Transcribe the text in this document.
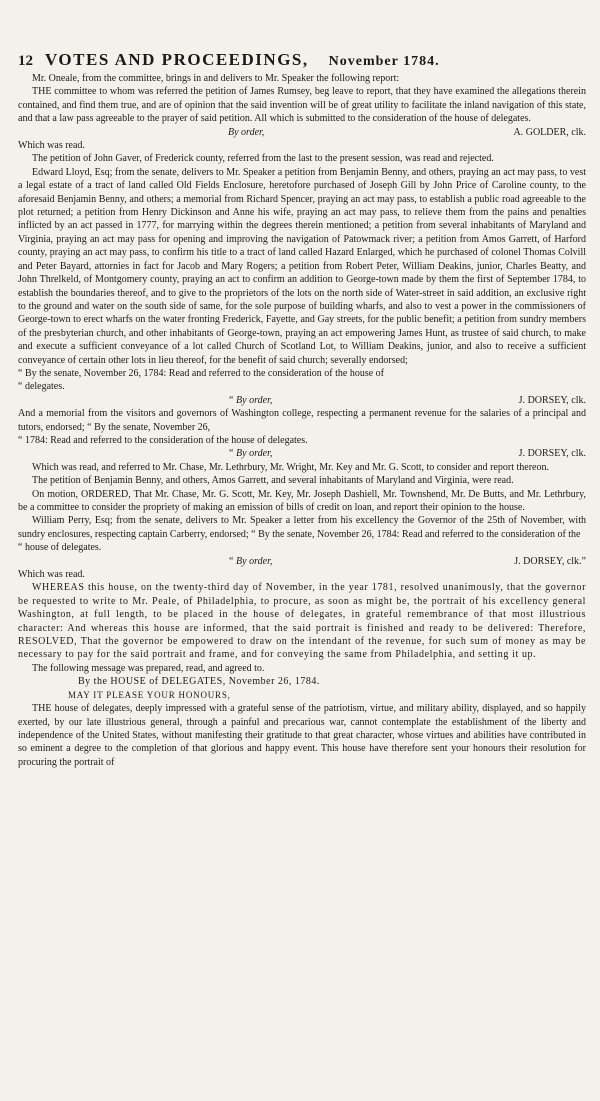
12 VOTES AND PROCEEDINGS, November 1784.

Mr. Oneale, from the committee, brings in and delivers to Mr. Speaker the following report:

THE committee to whom was referred the petition of James Rumsey, beg leave to report, that they have examined the allegations therein contained, and find them true, and are of opinion that the said invention will be of great utility to facilitate the inland navigation of this state, and that a law pass agreeable to the prayer of said petition. All which is submitted to the consideration of the house of delegates.

By order,	A. GOLDER, clk.

Which was read.

The petition of John Gaver, of Frederick county, referred from the last to the present session, was read and rejected.

Edward Lloyd, Esq; from the senate, delivers to Mr. Speaker a petition from Benjamin Benny, and others, praying an act may pass, to vest a legal estate of a tract of land called Old Fields Enclosure, heretofore purchased of Joseph Gill by John Price of Caroline county, to the aforesaid Benjamin Benny, and others; a memorial from Richard Spencer, praying an act may pass, to establish a public road agreeable to the plot returned; a petition from Henry Dickinson and Anne his wife, praying an act may pass, to relieve them from the pains and penalties inflicted by an act passed in 1777, for marrying within the degrees therein mentioned; a petition from several inhabitants of Maryland and Virginia, praying an act may pass for opening and improving the navigation of Patowmack river; a petition from Amos Garrett, of Harford county, praying an act may pass, to confirm his title to a tract of land called Hazard Enlarged, which he purchased of colonel Thomas Colvill and Peter Bayard, attornies in fact for Jacob and Mary Rogers; a petition from Robert Peter, William Deakins, junior, Charles Beatty, and John Threlkeld, of Montgomery county, praying an act to confirm an addition to George-town made by them the first of September 1784, to establish the boundaries thereof, and to give to the proprietors of the lots on the north side of Water-street in said addition, an exclusive right to the ground and water on the south side of same, for the sole purpose of building wharfs, and also to vest a power in the commissioners of George-town to erect wharfs on the water fronting Frederick, Fayette, and Gay streets, for the public benefit; a petition from sundry members of the presbyterian church, and other inhabitants of George-town, praying an act empowering James Hunt, as trustee of said church, to make and execute a sufficient conveyance of a lot called Church of Scotland Lot, to William Deakins, junior, and also to receive a sufficient conveyance of certain other lots in lieu thereof, for the benefit of said church; severally endorsed;

“ By the senate, November 26, 1784: Read and referred to the consideration of the house of

“ delegates.

“ By order,	J. DORSEY, clk.

And a memorial from the visitors and governors of Washington college, respecting a permanent revenue for the salaries of a principal and tutors, endorsed; “ By the senate, November 26,

“ 1784: Read and referred to the consideration of the house of delegates.

“ By order,	J. DORSEY, clk.

Which was read, and referred to Mr. Chase, Mr. Lethrbury, Mr. Wright, Mr. Key and Mr. G. Scott, to consider and report thereon.

The petition of Benjamin Benny, and others, Amos Garrett, and several inhabitants of Maryland and Virginia, were read.

On motion, ORDERED, That Mr. Chase, Mr. G. Scott, Mr. Key, Mr. Joseph Dashiell, Mr. Townshend, Mr. De Butts, and Mr. Lethrbury, be a committee to consider the propriety of making an emission of bills of credit on loan, and report their opinion to the house.

William Perry, Esq; from the senate, delivers to Mr. Speaker a letter from his excellency the Governor of the 25th of November, with sundry enclosures, respecting captain Carberry, endorsed; “ By the senate, November 26, 1784: Read and referred to the consideration of the

“ house of delegates.

“ By order,	J. DORSEY, clk.”

Which was read.

WHEREAS this house, on the twenty-third day of November, in the year 1781, resolved unanimously, that the governor be requested to write to Mr. Peale, of Philadelphia, to procure, as soon as might be, the portrait of his excellency general Washington, at full length, to be placed in the house of delegates, in grateful remembrance of that most illustrious character: And whereas this house are informed, that the said portrait is finished and ready to be delivered: Therefore, RESOLVED, That the governor be empowered to draw on the intendant of the revenue, for such sum of money as may be necessary to pay for the said portrait and frame, and for conveying the same from Philadelphia, and setting it up.

The following message was prepared, read, and agreed to.

By the HOUSE of DELEGATES, November 26, 1784.

MAY IT PLEASE YOUR HONOURS,

THE house of delegates, deeply impressed with a grateful sense of the patriotism, virtue, and military ability, displayed, and so happily exerted, by our late illustrious general, through a painful and precarious war, cannot contemplate the establishment of the liberty and independence of the United States, without manifesting their gratitude to that great character, whose virtues and abilities have contributed in so eminent a degree to the completion of that glorious and happy event. This house have therefore sent your honours their resolution for procuring the portrait of
